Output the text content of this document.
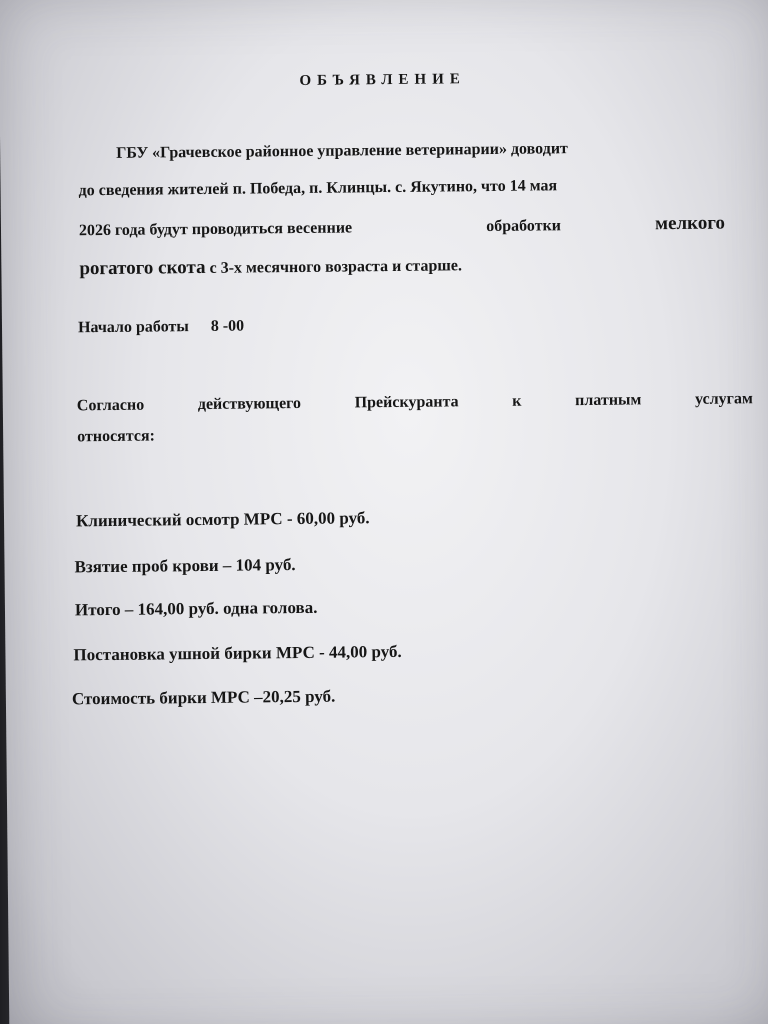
ОБЪЯВЛЕНИЕ

ГБУ «Грачевское районное управление ветеринарии» доводит

до сведения жителей п. Победа, п. Клинцы. с. Якутино, что 14 мая

2026 года будут проводиться весенние	обработки	мелкого

рогатого скота с 3-х месячного возраста и старше.

Начало работы 8 -00

Согласно	действующего	Прейскуранта	к	платным	услугам

относятся:

Клинический осмотр МРС - 60,00 руб.

Взятие проб крови – 104 руб.

Итого – 164,00 руб. одна голова.

Постановка ушной бирки МРС - 44,00 руб.

Стоимость бирки МРС –20,25 руб.
